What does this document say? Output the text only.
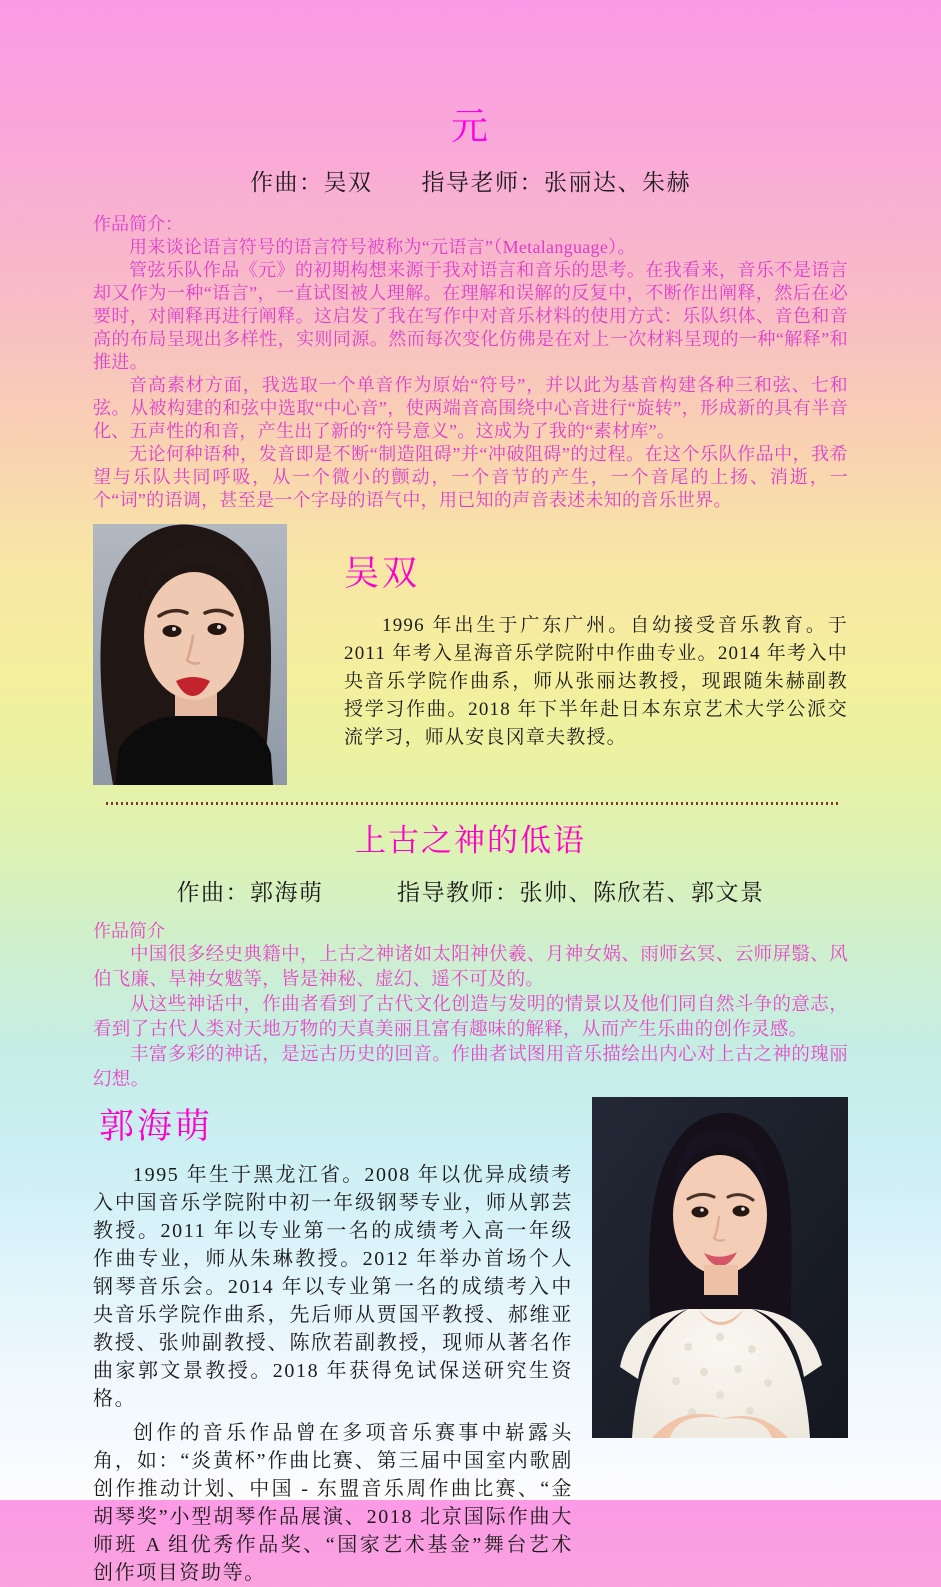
元
作曲：吴双　　指导老师：张丽达、朱赫
作品简介：

用来谈论语言符号的语言符号被称为“元语言”（Metalanguage）。

管弦乐队作品《元》的初期构想来源于我对语言和音乐的思考。在我看来，音乐不是语言却又作为一种“语言”，一直试图被人理解。在理解和误解的反复中，不断作出阐释，然后在必要时，对阐释再进行阐释。这启发了我在写作中对音乐材料的使用方式：乐队织体、音色和音高的布局呈现出多样性，实则同源。然而每次变化仿佛是在对上一次材料呈现的一种“解释”和推进。

音高素材方面，我选取一个单音作为原始“符号”，并以此为基音构建各种三和弦、七和弦。从被构建的和弦中选取“中心音”，使两端音高围绕中心音进行“旋转”，形成新的具有半音化、五声性的和音，产生出了新的“符号意义”。这成为了我的“素材库”。

无论何种语种，发音即是不断“制造阻碍”并“冲破阻碍”的过程。在这个乐队作品中，我希望与乐队共同呼吸，从一个微小的颤动，一个音节的产生，一个音尾的上扬、消逝，一个“词”的语调，甚至是一个字母的语气中，用已知的声音表述未知的音乐世界。

吴双

1996 年出生于广东广州。自幼接受音乐教育。于 2011 年考入星海音乐学院附中作曲专业。2014 年考入中央音乐学院作曲系，师从张丽达教授，现跟随朱赫副教授学习作曲。2018 年下半年赴日本东京艺术大学公派交流学习，师从安良冈章夫教授。

上古之神的低语
作曲：郭海萌　　　指导教师：张帅、陈欣若、郭文景
作品简介

中国很多经史典籍中，上古之神诸如太阳神伏羲、月神女娲、雨师玄冥、云师屏翳、风伯飞廉、旱神女魃等，皆是神秘、虚幻、遥不可及的。

从这些神话中，作曲者看到了古代文化创造与发明的情景以及他们同自然斗争的意志，看到了古代人类对天地万物的天真美丽且富有趣味的解释，从而产生乐曲的创作灵感。

丰富多彩的神话，是远古历史的回音。作曲者试图用音乐描绘出内心对上古之神的瑰丽幻想。

郭海萌

1995 年生于黑龙江省。2008 年以优异成绩考入中国音乐学院附中初一年级钢琴专业，师从郭芸教授。2011 年以专业第一名的成绩考入高一年级作曲专业，师从朱琳教授。2012 年举办首场个人钢琴音乐会。2014 年以专业第一名的成绩考入中央音乐学院作曲系，先后师从贾国平教授、郝维亚教授、张帅副教授、陈欣若副教授，现师从著名作曲家郭文景教授。2018 年获得免试保送研究生资格。

创作的音乐作品曾在多项音乐赛事中崭露头角，如：“炎黄杯”作曲比赛、第三届中国室内歌剧创作推动计划、中国 - 东盟音乐周作曲比赛、“金胡琴奖”小型胡琴作品展演、2018 北京国际作曲大师班 A 组优秀作品奖、“国家艺术基金”舞台艺术创作项目资助等。
